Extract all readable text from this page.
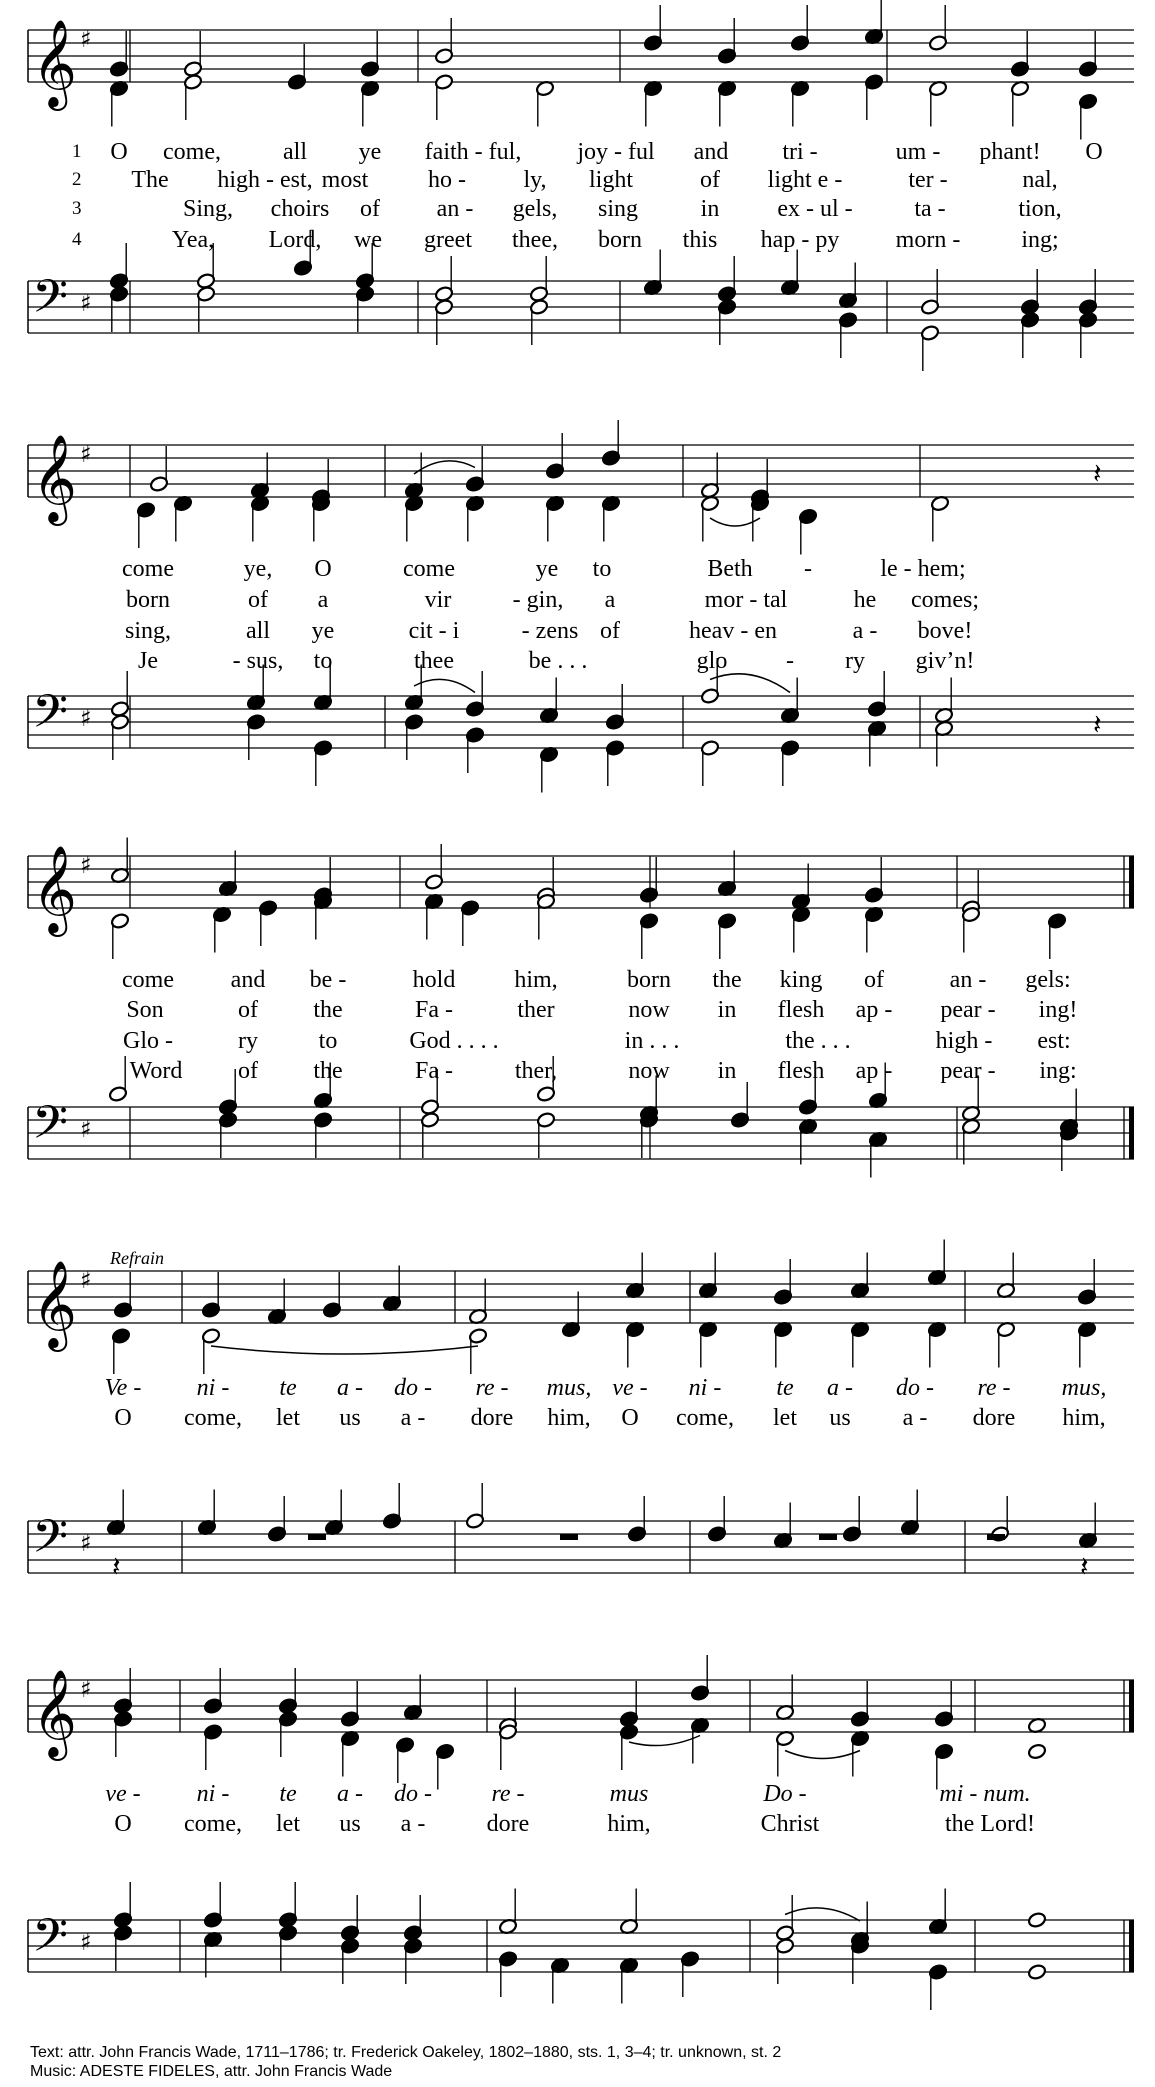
𝄞 ♯
𝄢 ♯
𝄞 ♯
𝄢 ♯
𝄽
𝄽
𝄞 ♯
𝄢 ♯
𝄞 ♯
𝄢 ♯
𝄽	𝄽
𝄞 ♯
𝄢 ♯
1
2
3
4
Refrain
O come,	all ye faith - ful, joy - ful and tri -	um - phant! O
The high - est, most ho - ly, light	of light e -	ter -	nal,
Sing, choirs of an - gels, sing	in ex - ul -	ta -	tion,
Yea, Lord, we greet thee, born this hap - py morn -	ing;
come	ye, O	come	ye to	Beth -	le - hem;
born	of a	vir	- gin, a	mor - tal	he comes;
sing,	all ye	cit - i	- zens of	heav - en	a - bove!
Je	- sus, to	thee	be . . .	glo - ry giv’n!
come and be -	hold him,	born the king of	an - gels:
Son	of the	Fa -	ther	now in flesh ap - pear - ing!
Glo -	ry	to	God . . . .	in . . .	the . . .	high - est:
Word of the	Fa -	ther,	now in flesh ap - pear - ing:
Ve - ni - te a - do - re - mus, ve - ni - te a - do - re - mus,
O come, let us a - dore him, O come, let us a - dore him,
ve - ni - te a - do - re -	mus	Do -	mi - num.
O come, let us a -	dore	him,	Christ	the Lord!
Text: attr. John Francis Wade, 1711–1786; tr. Frederick Oakeley, 1802–1880, sts. 1, 3–4; tr. unknown, st. 2
Music: ADESTE FIDELES, attr. John Francis Wade
